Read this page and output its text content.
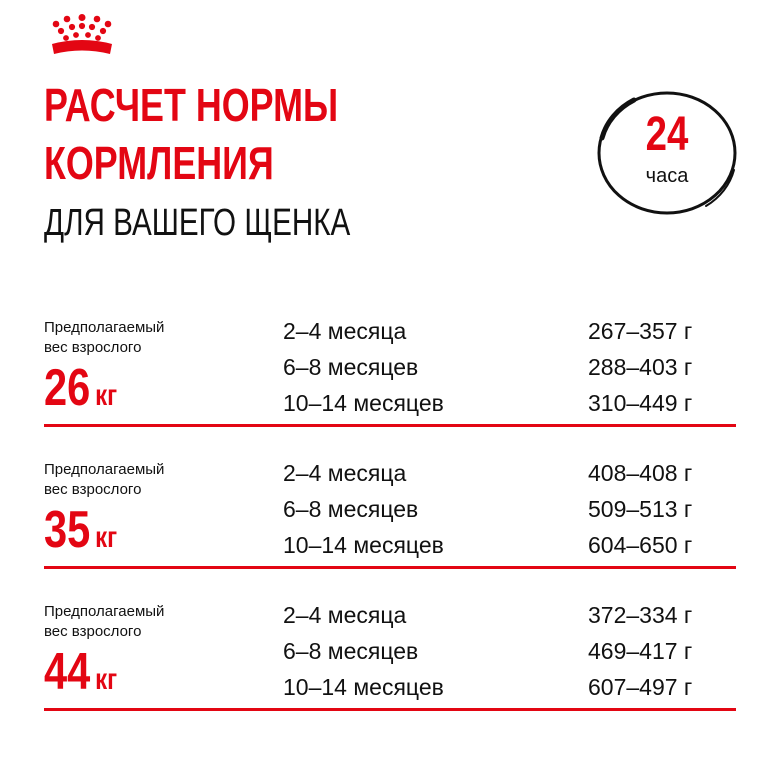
РАСЧЕТ НОРМЫ
КОРМЛЕНИЯ
ДЛЯ ВАШЕГО ЩЕНКА
24
часа
Предполагаемый
вес взрослого
26 кг
2–4 месяца	267–357 г
6–8 месяцев	288–403 г
10–14 месяцев	310–449 г
Предполагаемый
вес взрослого
35 кг
2–4 месяца	408–408 г
6–8 месяцев	509–513 г
10–14 месяцев	604–650 г
Предполагаемый
вес взрослого
44 кг
2–4 месяца	372–334 г
6–8 месяцев	469–417 г
10–14 месяцев	607–497 г
